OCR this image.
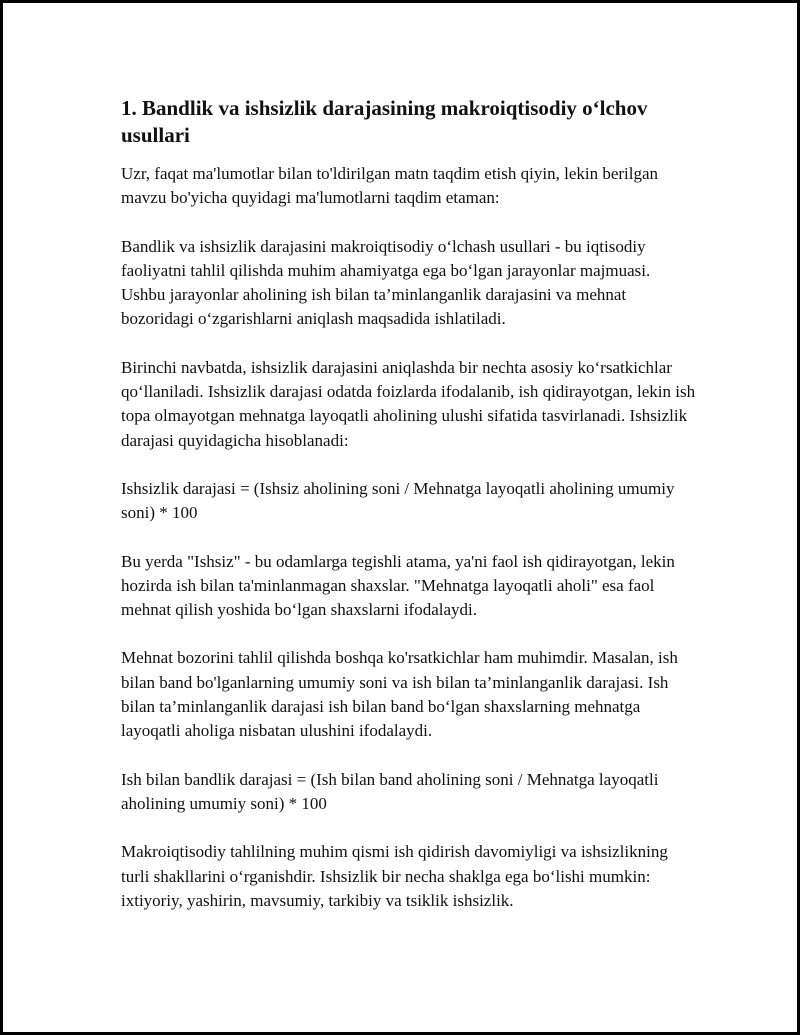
1. Bandlik va ishsizlik darajasining makroiqtisodiy o‘lchov usullari

Uzr, faqat ma'lumotlar bilan to'ldirilgan matn taqdim etish qiyin, lekin berilgan mavzu bo'yicha quyidagi ma'lumotlarni taqdim etaman:

Bandlik va ishsizlik darajasini makroiqtisodiy o‘lchash usullari - bu iqtisodiy faoliyatni tahlil qilishda muhim ahamiyatga ega bo‘lgan jarayonlar majmuasi. Ushbu jarayonlar aholining ish bilan ta’minlanganlik darajasini va mehnat bozoridagi o‘zgarishlarni aniqlash maqsadida ishlatiladi.

Birinchi navbatda, ishsizlik darajasini aniqlashda bir nechta asosiy ko‘rsatkichlar qo‘llaniladi. Ishsizlik darajasi odatda foizlarda ifodalanib, ish qidirayotgan, lekin ish topa olmayotgan mehnatga layoqatli aholining ulushi sifatida tasvirlanadi. Ishsizlik darajasi quyidagicha hisoblanadi:

Ishsizlik darajasi = (Ishsiz aholining soni / Mehnatga layoqatli aholining umumiy soni) * 100

Bu yerda "Ishsiz" - bu odamlarga tegishli atama, ya'ni faol ish qidirayotgan, lekin hozirda ish bilan ta'minlanmagan shaxslar. "Mehnatga layoqatli aholi" esa faol mehnat qilish yoshida bo‘lgan shaxslarni ifodalaydi.

Mehnat bozorini tahlil qilishda boshqa ko'rsatkichlar ham muhimdir. Masalan, ish bilan band bo'lganlarning umumiy soni va ish bilan ta’minlanganlik darajasi. Ish bilan ta’minlanganlik darajasi ish bilan band bo‘lgan shaxslarning mehnatga layoqatli aholiga nisbatan ulushini ifodalaydi.

Ish bilan bandlik darajasi = (Ish bilan band aholining soni / Mehnatga layoqatli aholining umumiy soni) * 100

Makroiqtisodiy tahlilning muhim qismi ish qidirish davomiyligi va ishsizlikning turli shakllarini o‘rganishdir. Ishsizlik bir necha shaklga ega bo‘lishi mumkin: ixtiyoriy, yashirin, mavsumiy, tarkibiy va tsiklik ishsizlik.
